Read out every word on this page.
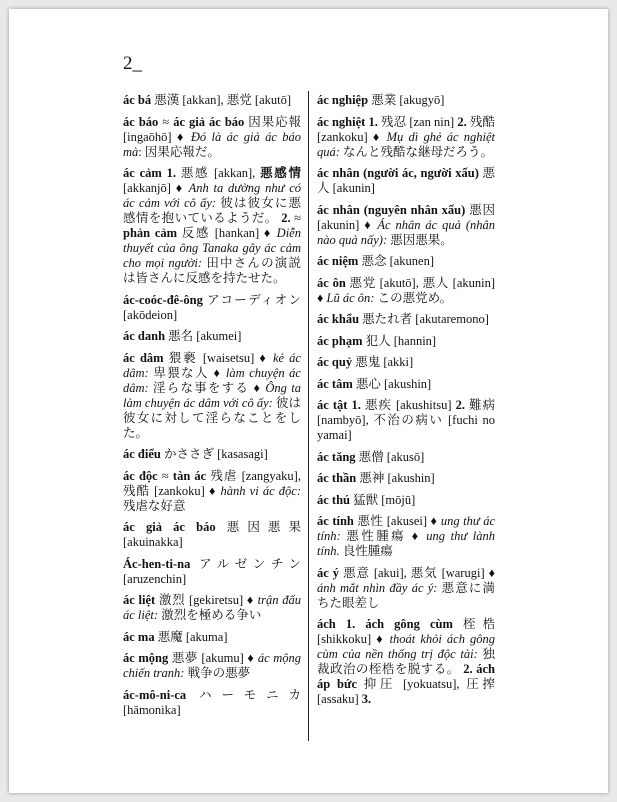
2_
ác bá 悪漢 [akkan], 悪党 [akutō]
ác báo ≈ ác giả ác báo 因果応報 [ingaōhō] ♦ Đó là ác giả ác báo mà: 因果応報だ。
ác cảm 1. 悪感 [akkan], 悪感情 [akkanjō] ♦ Anh ta dường như có ác cảm với cô ấy: 彼は彼女に悪感情を抱いているようだ。 2. ≈ phản cảm 反感 [hankan] ♦ Diễn thuyết của ông Tanaka gây ác cảm cho mọi người: 田中さんの演説は皆さんに反感を持たせた。
ác-coóc-đê-ông アコーディオン [akōdeion]
ác danh 悪名 [akumei]
ác dâm 猥褻 [waisetsu] ♦ kẻ ác dâm: 卑猥な人 ♦ làm chuyện ác dâm: 淫らな事をする ♦ Ông ta làm chuyện ác dâm với cô ấy: 彼は彼女に対して淫らなことをした。
ác điểu かささぎ [kasasagi]
ác độc ≈ tàn ác 残虐 [zangyaku], 残酷 [zankoku] ♦ hành vi ác độc: 残虐な好意
ác giả ác báo 悪因悪果 [akuinakka]
Ác-hen-ti-na アルゼンチン [aruzenchin]
ác liệt 激烈 [gekiretsu] ♦ trận đấu ác liệt: 激烈を極める争い
ác ma 悪魔 [akuma]
ác mộng 悪夢 [akumu] ♦ ác mộng chiến tranh: 戦争の悪夢
ác-mô-ni-ca ハーモニカ [hāmonika]
ác nghiệp 悪業 [akugyō]
ác nghiệt 1. 残忍 [zan nin] 2. 残酷 [zankoku] ♦ Mụ dì ghẻ ác nghiệt quá: なんと残酷な継母だろう。
ác nhân (người ác, người xấu) 悪人 [akunin]
ác nhân (nguyên nhân xấu) 悪因 [akunin] ♦ Ác nhân ác quả (nhân nào quả nấy): 悪因悪果。
ác niệm 悪念 [akunen]
ác ôn 悪党 [akutō], 悪人 [akunin] ♦ Lũ ác ôn: この悪党め。
ác khẩu 悪たれ者 [akutaremono]
ác phạm 犯人 [hannin]
ác quỷ 悪鬼 [akki]
ác tâm 悪心 [akushin]
ác tật 1. 悪疾 [akushitsu] 2. 難病 [nambyō], 不治の病い [fuchi no yamai]
ác tăng 悪僧 [akusō]
ác thần 悪神 [akushin]
ác thú 猛獣 [mōjū]
ác tính 悪性 [akusei] ♦ ung thư ác tính: 悪性腫瘍 ♦ ung thư lành tính. 良性腫瘍
ác ý 悪意 [akui], 悪気 [warugi] ♦ ánh mắt nhìn đầy ác ý: 悪意に満ちた眼差し
ách 1. ách gông cùm 桎梏 [shikkoku] ♦ thoát khỏi ách gông cùm của nền thống trị độc tài: 独裁政治の桎梏を脱する。 2. ách áp bức 抑圧 [yokuatsu], 圧搾 [assaku] 3.
